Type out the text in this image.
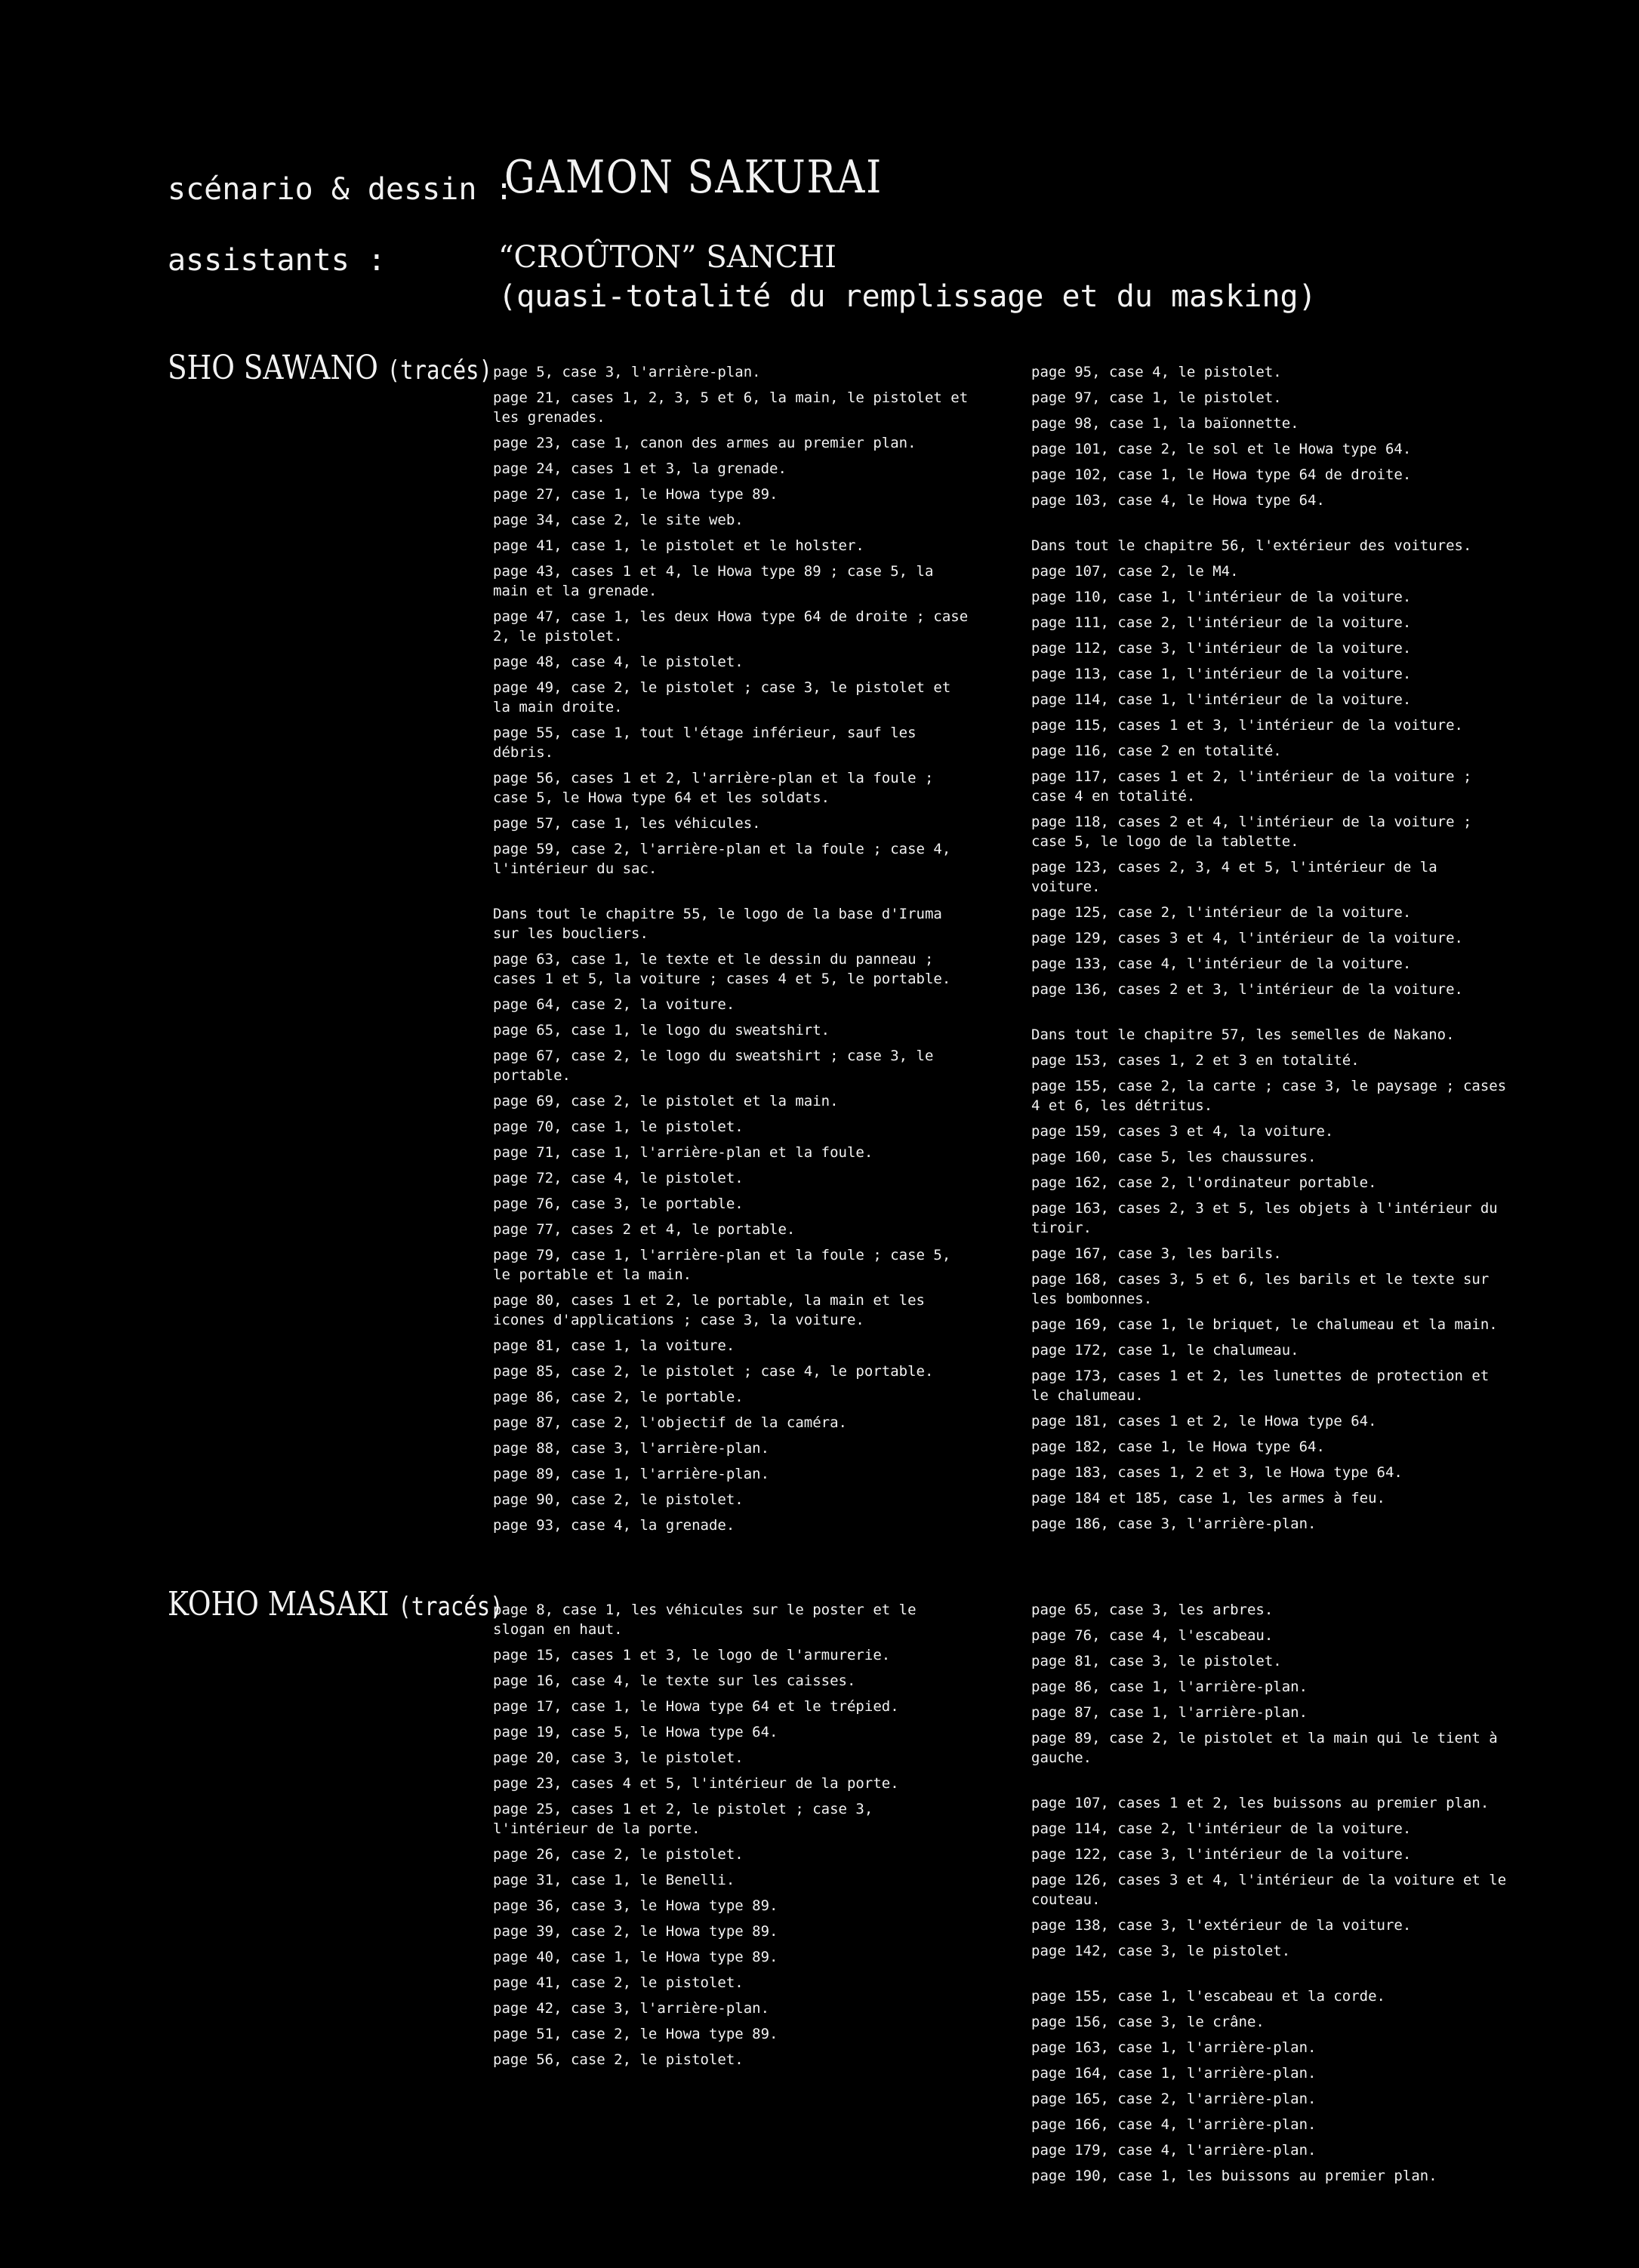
scénario & dessin :
GAMON SAKURAI
assistants :	“CROÛTON” SANCHI
(quasi-totalité du remplissage et du masking)
SHO SAWANO (tracés) page 5, case 3, l'arrière-plan.
page 21, cases 1, 2, 3, 5 et 6, la main, le pistolet et les grenades.
page 23, case 1, canon des armes au premier plan.
page 24, cases 1 et 3, la grenade.
page 27, case 1, le Howa type 89.
page 34, case 2, le site web.
page 41, case 1, le pistolet et le holster.
page 43, cases 1 et 4, le Howa type 89 ; case 5, la main et la grenade.
page 47, case 1, les deux Howa type 64 de droite ; case 2, le pistolet.
page 48, case 4, le pistolet.
page 49, case 2, le pistolet ; case 3, le pistolet et la main droite.
page 55, case 1, tout l'étage inférieur, sauf les débris.
page 56, cases 1 et 2, l'arrière-plan et la foule ; case 5, le Howa type 64 et les soldats.
page 57, case 1, les véhicules.
page 59, case 2, l'arrière-plan et la foule ; case 4, l'intérieur du sac.
Dans tout le chapitre 55, le logo de la base d'Iruma sur les boucliers.
page 63, case 1, le texte et le dessin du panneau ; cases 1 et 5, la voiture ; cases 4 et 5, le portable.
page 64, case 2, la voiture.
page 65, case 1, le logo du sweatshirt.
page 67, case 2, le logo du sweatshirt ; case 3, le portable.
page 69, case 2, le pistolet et la main.
page 70, case 1, le pistolet.
page 71, case 1, l'arrière-plan et la foule.
page 72, case 4, le pistolet.
page 76, case 3, le portable.
page 77, cases 2 et 4, le portable.
page 79, case 1, l'arrière-plan et la foule ; case 5, le portable et la main.
page 80, cases 1 et 2, le portable, la main et les icones d'applications ; case 3, la voiture.
page 81, case 1, la voiture.
page 85, case 2, le pistolet ; case 4, le portable.
page 86, case 2, le portable.
page 87, case 2, l'objectif de la caméra.
page 88, case 3, l'arrière-plan.
page 89, case 1, l'arrière-plan.
page 90, case 2, le pistolet.
page 93, case 4, la grenade.
page 95, case 4, le pistolet.
page 97, case 1, le pistolet.
page 98, case 1, la baïonnette.
page 101, case 2, le sol et le Howa type 64.
page 102, case 1, le Howa type 64 de droite.
page 103, case 4, le Howa type 64.
Dans tout le chapitre 56, l'extérieur des voitures.
page 107, case 2, le M4.
page 110, case 1, l'intérieur de la voiture.
page 111, case 2, l'intérieur de la voiture.
page 112, case 3, l'intérieur de la voiture.
page 113, case 1, l'intérieur de la voiture.
page 114, case 1, l'intérieur de la voiture.
page 115, cases 1 et 3, l'intérieur de la voiture.
page 116, case 2 en totalité.
page 117, cases 1 et 2, l'intérieur de la voiture ; case 4 en totalité.
page 118, cases 2 et 4, l'intérieur de la voiture ; case 5, le logo de la tablette.
page 123, cases 2, 3, 4 et 5, l'intérieur de la voiture.
page 125, case 2, l'intérieur de la voiture.
page 129, cases 3 et 4, l'intérieur de la voiture.
page 133, case 4, l'intérieur de la voiture.
page 136, cases 2 et 3, l'intérieur de la voiture.
Dans tout le chapitre 57, les semelles de Nakano.
page 153, cases 1, 2 et 3 en totalité.
page 155, case 2, la carte ; case 3, le paysage ; cases 4 et 6, les détritus.
page 159, cases 3 et 4, la voiture.
page 160, case 5, les chaussures.
page 162, case 2, l'ordinateur portable.
page 163, cases 2, 3 et 5, les objets à l'intérieur du tiroir.
page 167, case 3, les barils.
page 168, cases 3, 5 et 6, les barils et le texte sur les bombonnes.
page 169, case 1, le briquet, le chalumeau et la main.
page 172, case 1, le chalumeau.
page 173, cases 1 et 2, les lunettes de protection et le chalumeau.
page 181, cases 1 et 2, le Howa type 64.
page 182, case 1, le Howa type 64.
page 183, cases 1, 2 et 3, le Howa type 64.
page 184 et 185, case 1, les armes à feu.
page 186, case 3, l'arrière-plan.
KOHO MASAKI (tracés)
page 8, case 1, les véhicules sur le poster et le slogan en haut.
page 15, cases 1 et 3, le logo de l'armurerie.
page 16, case 4, le texte sur les caisses.
page 17, case 1, le Howa type 64 et le trépied.
page 19, case 5, le Howa type 64.
page 20, case 3, le pistolet.
page 23, cases 4 et 5, l'intérieur de la porte.
page 25, cases 1 et 2, le pistolet ; case 3, l'intérieur de la porte.
page 26, case 2, le pistolet.
page 31, case 1, le Benelli.
page 36, case 3, le Howa type 89.
page 39, case 2, le Howa type 89.
page 40, case 1, le Howa type 89.
page 41, case 2, le pistolet.
page 42, case 3, l'arrière-plan.
page 51, case 2, le Howa type 89.
page 56, case 2, le pistolet.
page 65, case 3, les arbres.
page 76, case 4, l'escabeau.
page 81, case 3, le pistolet.
page 86, case 1, l'arrière-plan.
page 87, case 1, l'arrière-plan.
page 89, case 2, le pistolet et la main qui le tient à gauche.
page 107, cases 1 et 2, les buissons au premier plan.
page 114, case 2, l'intérieur de la voiture.
page 122, case 3, l'intérieur de la voiture.
page 126, cases 3 et 4, l'intérieur de la voiture et le couteau.
page 138, case 3, l'extérieur de la voiture.
page 142, case 3, le pistolet.
page 155, case 1, l'escabeau et la corde.
page 156, case 3, le crâne.
page 163, case 1, l'arrière-plan.
page 164, case 1, l'arrière-plan.
page 165, case 2, l'arrière-plan.
page 166, case 4, l'arrière-plan.
page 179, case 4, l'arrière-plan.
page 190, case 1, les buissons au premier plan.
